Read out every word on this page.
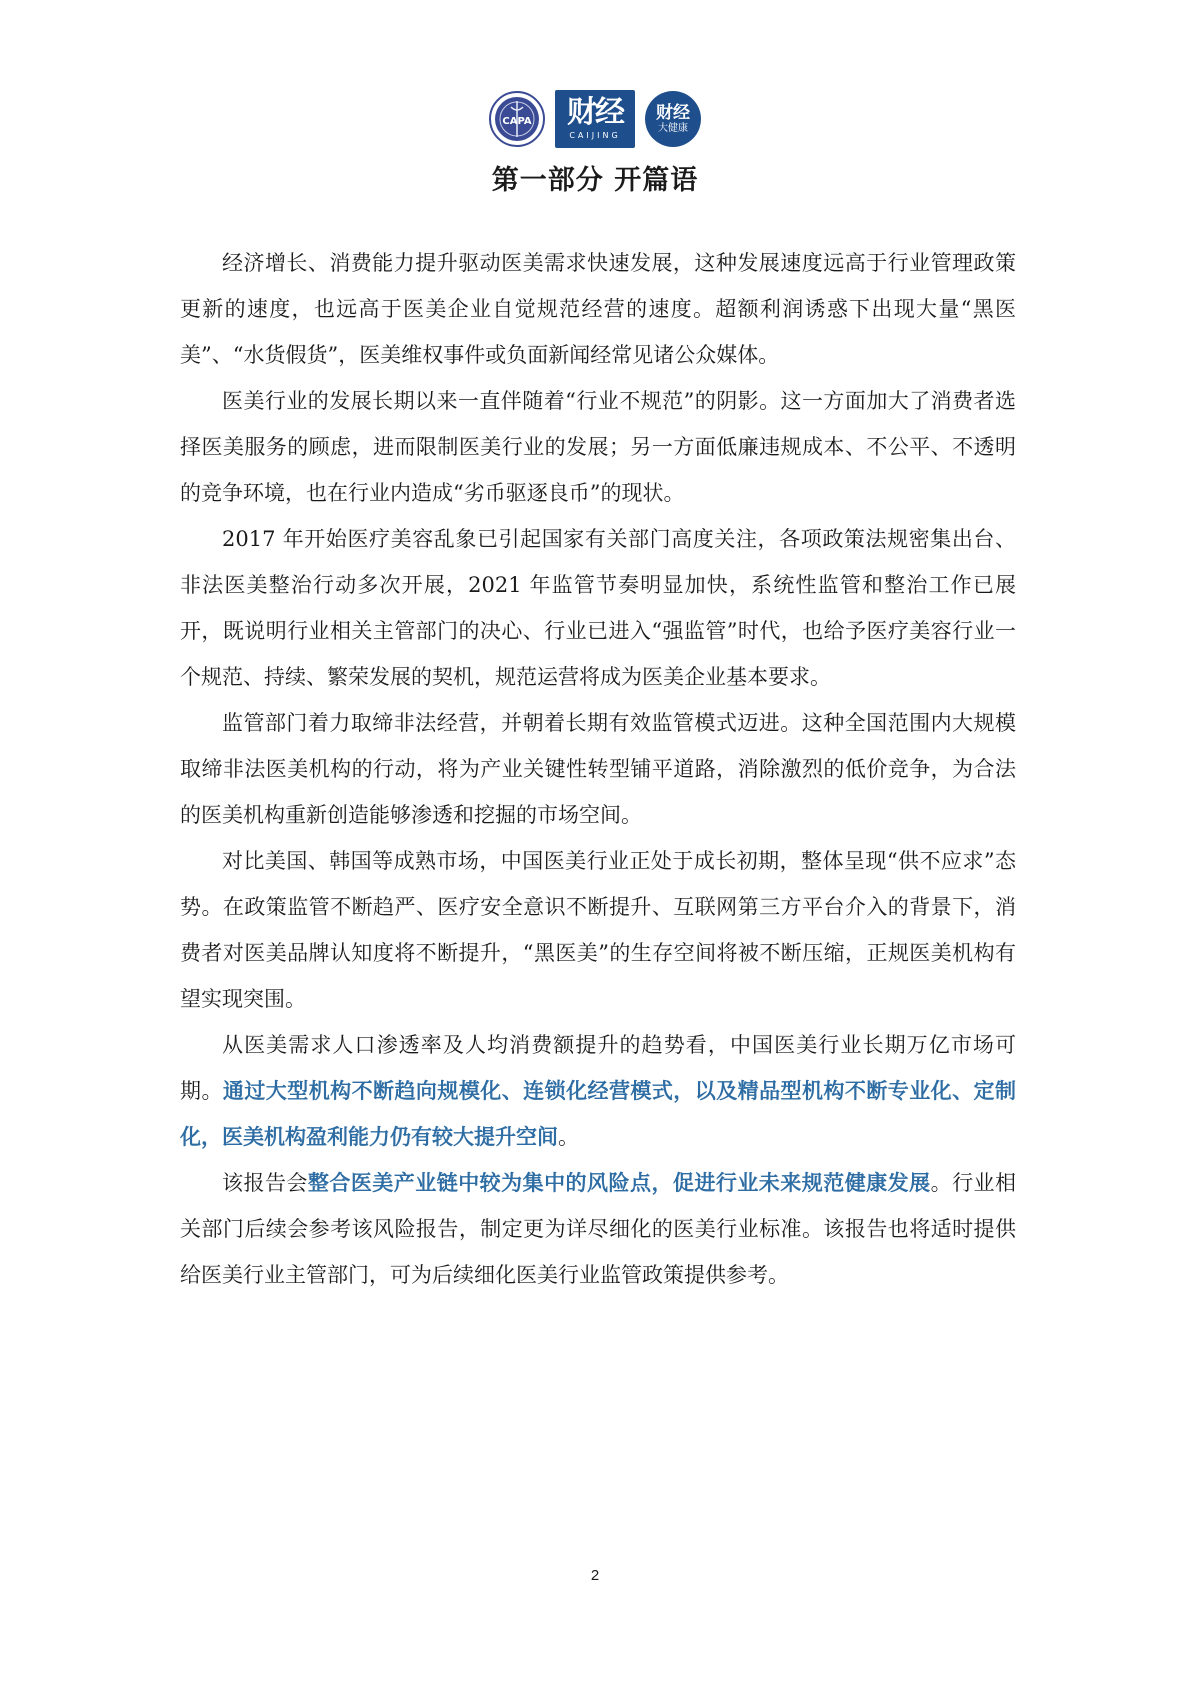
CAPA 财经
CAIJING
财经
大健康
第一部分 开篇语

经济增长、消费能力提升驱动医美需求快速发展，这种发展速度远高于行业管理政策更新的速度，也远高于医美企业自觉规范经营的速度。超额利润诱惑下出现大量“黑医美”、“水货假货”，医美维权事件或负面新闻经常见诸公众媒体。

医美行业的发展长期以来一直伴随着“行业不规范”的阴影。这一方面加大了消费者选择医美服务的顾虑，进而限制医美行业的发展；另一方面低廉违规成本、不公平、不透明的竞争环境，也在行业内造成“劣币驱逐良币”的现状。

2017 年开始医疗美容乱象已引起国家有关部门高度关注，各项政策法规密集出台、非法医美整治行动多次开展，2021 年监管节奏明显加快，系统性监管和整治工作已展开，既说明行业相关主管部门的决心、行业已进入“强监管”时代，也给予医疗美容行业一个规范、持续、繁荣发展的契机，规范运营将成为医美企业基本要求。

监管部门着力取缔非法经营，并朝着长期有效监管模式迈进。这种全国范围内大规模取缔非法医美机构的行动，将为产业关键性转型铺平道路，消除激烈的低价竞争，为合法的医美机构重新创造能够渗透和挖掘的市场空间。

对比美国、韩国等成熟市场，中国医美行业正处于成长初期，整体呈现“供不应求”态势。在政策监管不断趋严、医疗安全意识不断提升、互联网第三方平台介入的背景下，消费者对医美品牌认知度将不断提升，“黑医美”的生存空间将被不断压缩，正规医美机构有望实现突围。

从医美需求人口渗透率及人均消费额提升的趋势看，中国医美行业长期万亿市场可期。通过大型机构不断趋向规模化、连锁化经营模式，以及精品型机构不断专业化、定制化，医美机构盈利能力仍有较大提升空间。

该报告会整合医美产业链中较为集中的风险点，促进行业未来规范健康发展。行业相关部门后续会参考该风险报告，制定更为详尽细化的医美行业标准。该报告也将适时提供给医美行业主管部门，可为后续细化医美行业监管政策提供参考。

2
